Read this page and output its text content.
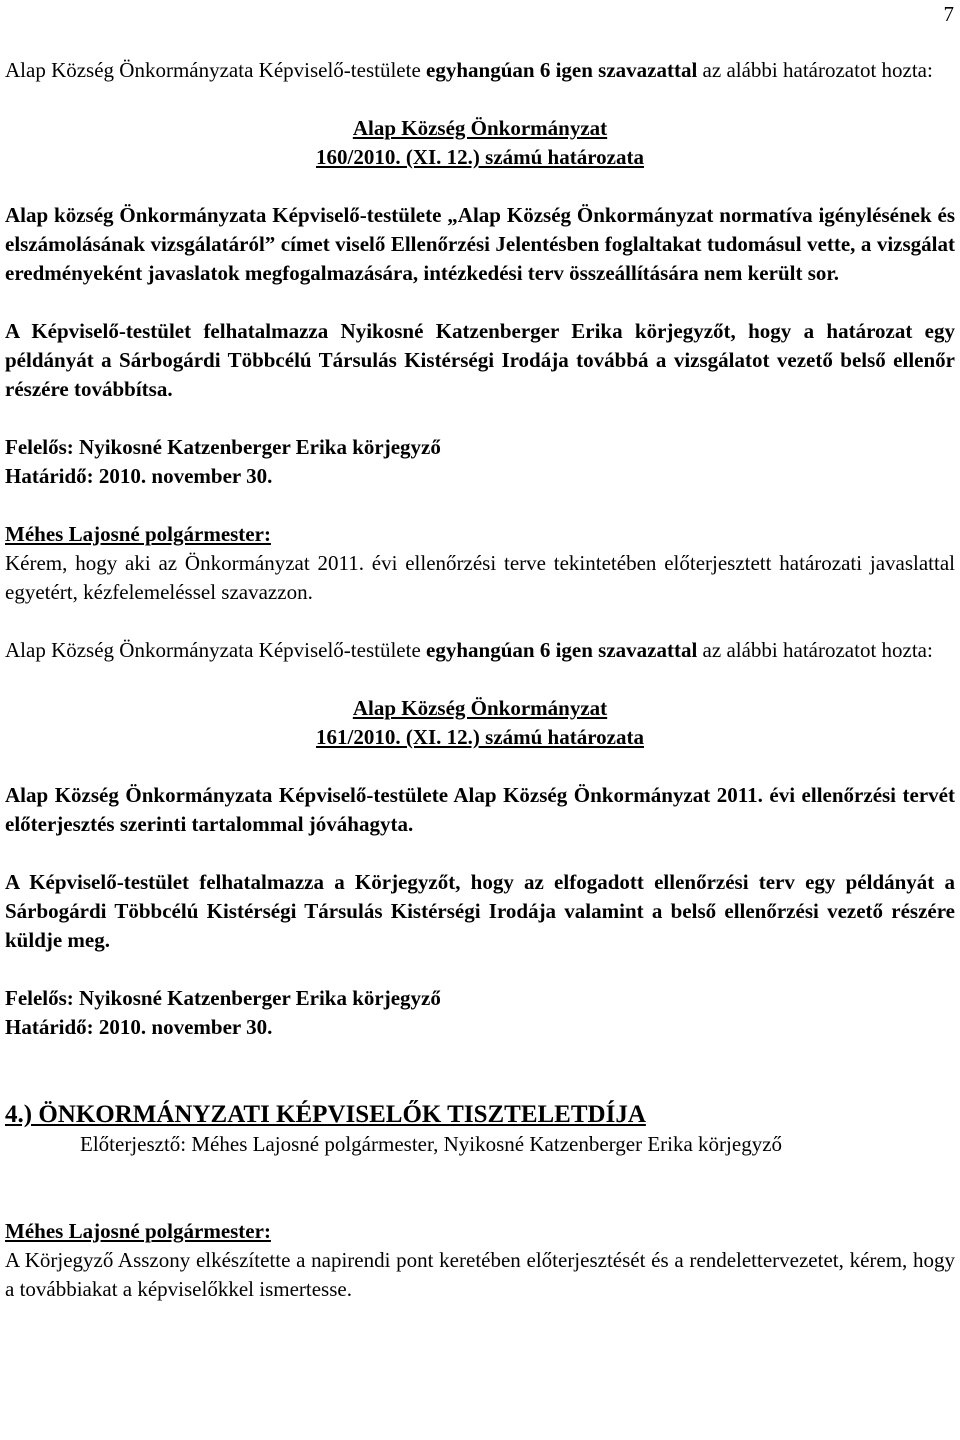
7
Alap Község Önkormányzata Képviselő-testülete egyhangúan 6 igen szavazattal az alábbi határozatot hozta:
Alap Község Önkormányzat
160/2010. (XI. 12.) számú határozata
Alap község Önkormányzata Képviselő-testülete „Alap Község Önkormányzat normatíva igénylésének és elszámolásának vizsgálatáról” címet viselő Ellenőrzési Jelentésben foglaltakat tudomásul vette, a vizsgálat eredményeként javaslatok megfogalmazására, intézkedési terv összeállítására nem került sor.
A Képviselő-testület felhatalmazza Nyikosné Katzenberger Erika körjegyzőt, hogy a határozat egy példányát a Sárbogárdi Többcélú Társulás Kistérségi Irodája továbbá a vizsgálatot vezető belső ellenőr részére továbbítsa.
Felelős: Nyikosné Katzenberger Erika körjegyző
Határidő: 2010. november 30.
Méhes Lajosné polgármester:
Kérem, hogy aki az Önkormányzat 2011. évi ellenőrzési terve tekintetében előterjesztett határozati javaslattal egyetért, kézfelemeléssel szavazzon.
Alap Község Önkormányzata Képviselő-testülete egyhangúan 6 igen szavazattal az alábbi határozatot hozta:
Alap Község Önkormányzat
161/2010. (XI. 12.) számú határozata
Alap Község Önkormányzata Képviselő-testülete Alap Község Önkormányzat 2011. évi ellenőrzési tervét előterjesztés szerinti tartalommal jóváhagyta.
A Képviselő-testület felhatalmazza a Körjegyzőt, hogy az elfogadott ellenőrzési terv egy példányát a Sárbogárdi Többcélú Kistérségi Társulás Kistérségi Irodája valamint a belső ellenőrzési vezető részére küldje meg.
Felelős: Nyikosné Katzenberger Erika körjegyző
Határidő: 2010. november 30.
4.) ÖNKORMÁNYZATI KÉPVISELŐK TISZTELETDÍJA
Előterjesztő: Méhes Lajosné polgármester, Nyikosné Katzenberger Erika körjegyző
Méhes Lajosné polgármester:
A Körjegyző Asszony elkészítette a napirendi pont keretében előterjesztését és a rendelettervezetet, kérem, hogy a továbbiakat a képviselőkkel ismertesse.
